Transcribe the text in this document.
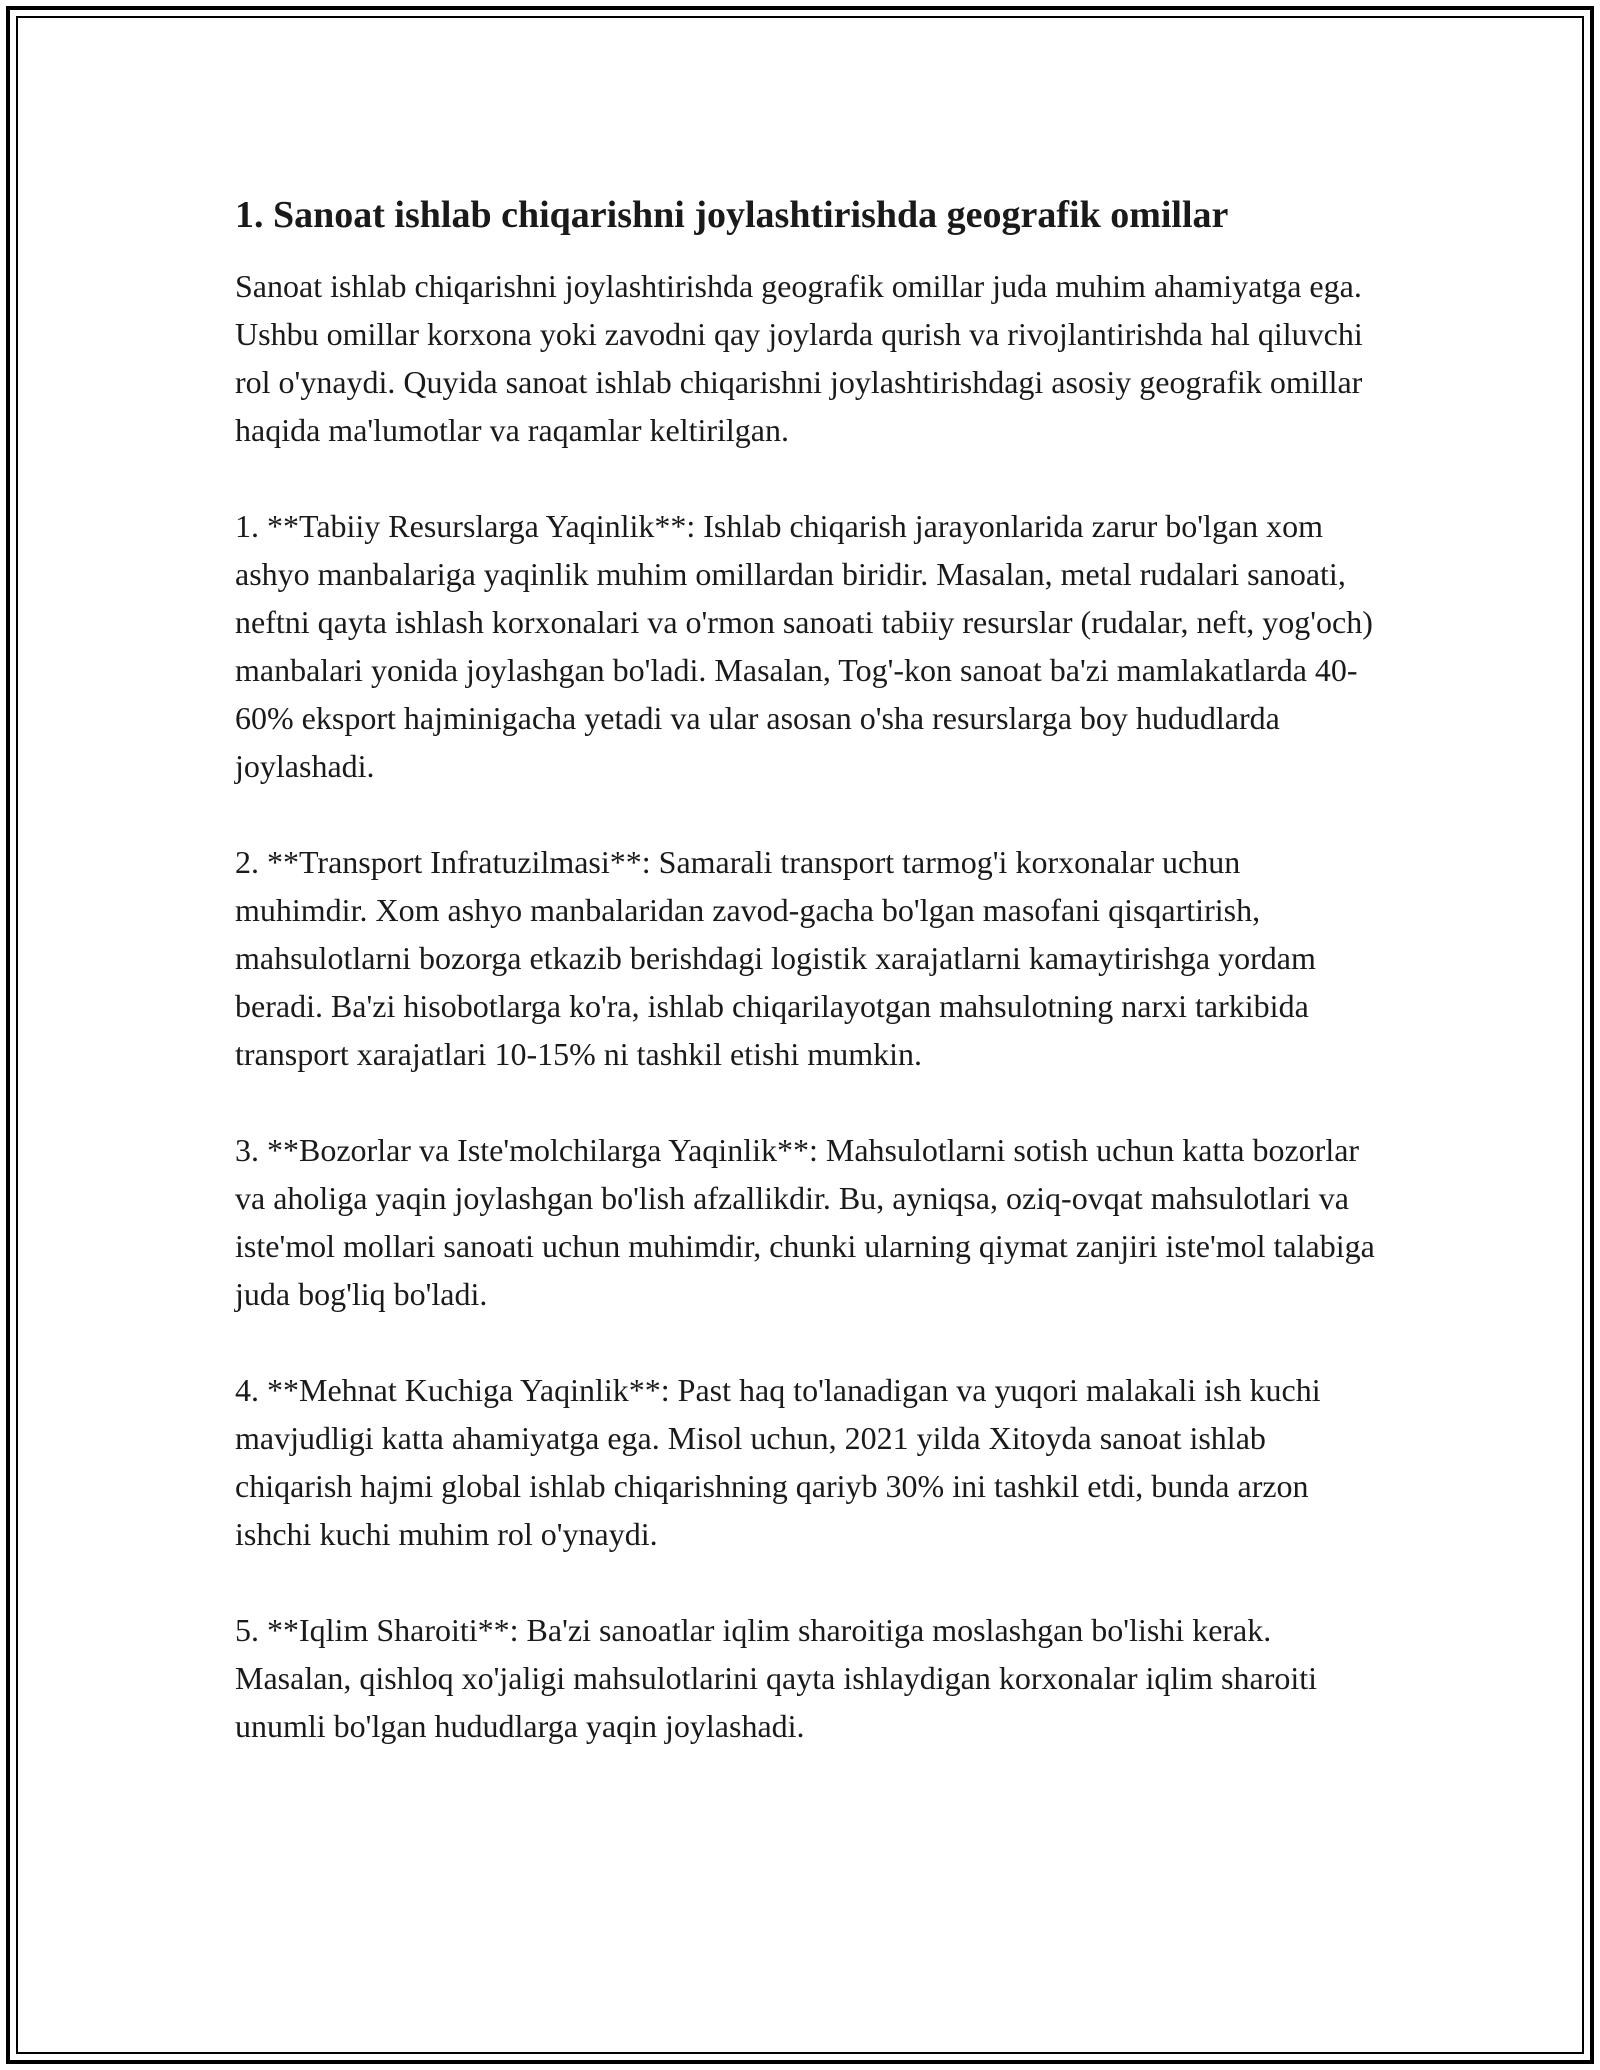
1. Sanoat ishlab chiqarishni joylashtirishda geografik omillar

Sanoat ishlab chiqarishni joylashtirishda geografik omillar juda muhim ahamiyatga ega. Ushbu omillar korxona yoki zavodni qay joylarda qurish va rivojlantirishda hal qiluvchi rol o'ynaydi. Quyida sanoat ishlab chiqarishni joylashtirishdagi asosiy geografik omillar haqida ma'lumotlar va raqamlar keltirilgan.

1. **Tabiiy Resurslarga Yaqinlik**: Ishlab chiqarish jarayonlarida zarur bo'lgan xom ashyo manbalariga yaqinlik muhim omillardan biridir. Masalan, metal rudalari sanoati, neftni qayta ishlash korxonalari va o'rmon sanoati tabiiy resurslar (rudalar, neft, yog'och) manbalari yonida joylashgan bo'ladi. Masalan, Tog'-kon sanoat ba'zi mamlakatlarda 40-60% eksport hajminigacha yetadi va ular asosan o'sha resurslarga boy hududlarda joylashadi.

2. **Transport Infratuzilmasi**: Samarali transport tarmog'i korxonalar uchun muhimdir. Xom ashyo manbalaridan zavod-gacha bo'lgan masofani qisqartirish, mahsulotlarni bozorga etkazib berishdagi logistik xarajatlarni kamaytirishga yordam beradi. Ba'zi hisobotlarga ko'ra, ishlab chiqarilayotgan mahsulotning narxi tarkibida transport xarajatlari 10-15% ni tashkil etishi mumkin.

3. **Bozorlar va Iste'molchilarga Yaqinlik**: Mahsulotlarni sotish uchun katta bozorlar va aholiga yaqin joylashgan bo'lish afzallikdir. Bu, ayniqsa, oziq-ovqat mahsulotlari va iste'mol mollari sanoati uchun muhimdir, chunki ularning qiymat zanjiri iste'mol talabiga juda bog'liq bo'ladi.

4. **Mehnat Kuchiga Yaqinlik**: Past haq to'lanadigan va yuqori malakali ish kuchi mavjudligi katta ahamiyatga ega. Misol uchun, 2021 yilda Xitoyda sanoat ishlab chiqarish hajmi global ishlab chiqarishning qariyb 30% ini tashkil etdi, bunda arzon ishchi kuchi muhim rol o'ynaydi.

5. **Iqlim Sharoiti**: Ba'zi sanoatlar iqlim sharoitiga moslashgan bo'lishi kerak. Masalan, qishloq xo'jaligi mahsulotlarini qayta ishlaydigan korxonalar iqlim sharoiti unumli bo'lgan hududlarga yaqin joylashadi.
